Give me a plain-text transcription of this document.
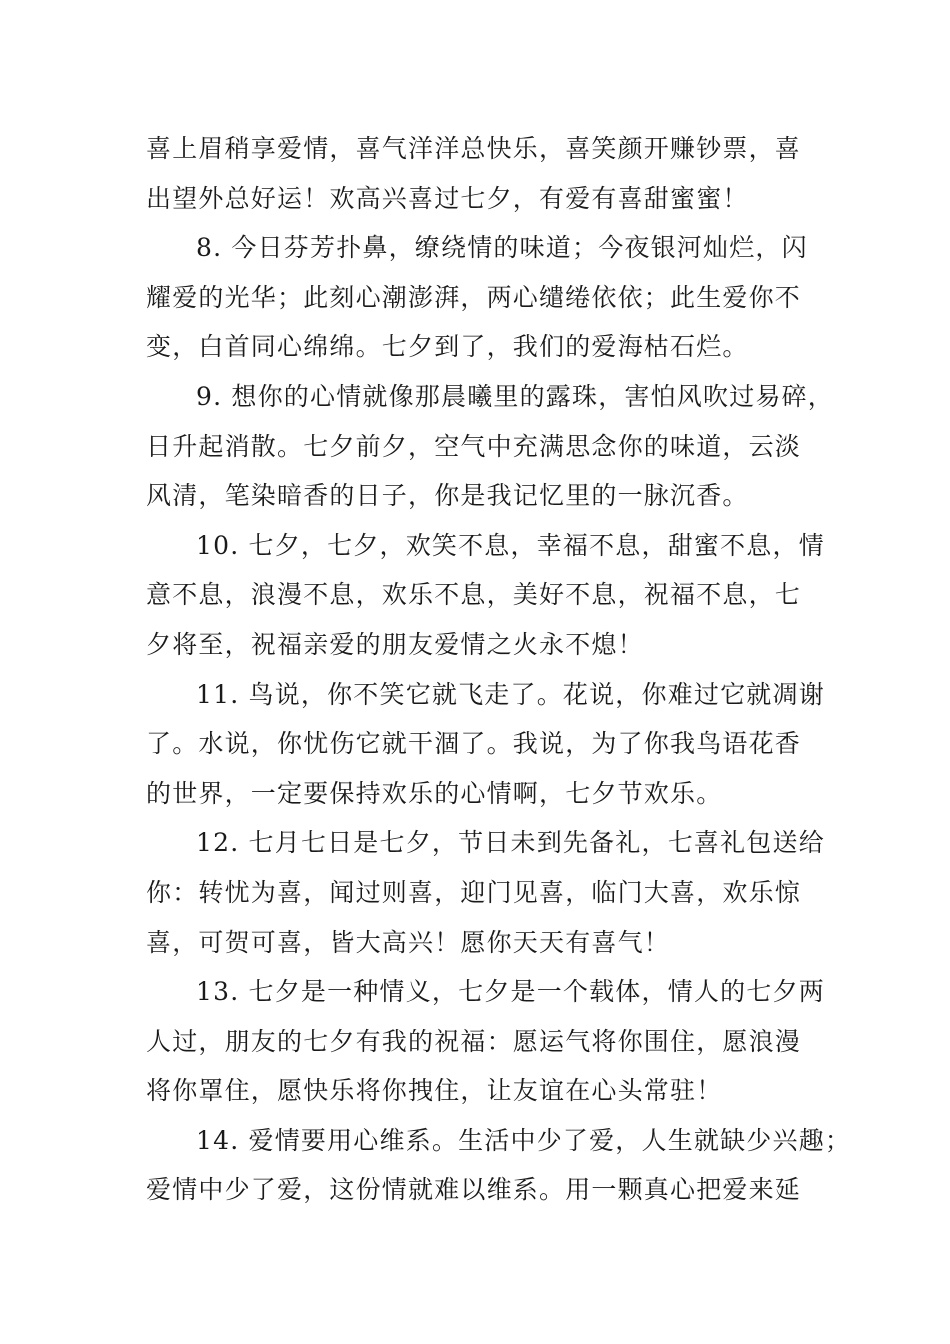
喜上眉稍享爱情，喜气洋洋总快乐，喜笑颜开赚钞票，喜
出望外总好运！欢高兴喜过七夕，有爱有喜甜蜜蜜！

8. 今日芬芳扑鼻，缭绕情的味道；今夜银河灿烂，闪
耀爱的光华；此刻心潮澎湃，两心缱绻依依；此生爱你不
变，白首同心绵绵。七夕到了，我们的爱海枯石烂。

9. 想你的心情就像那晨曦里的露珠，害怕风吹过易碎，
日升起消散。七夕前夕，空气中充满思念你的味道，云淡
风清，笔染暗香的日子，你是我记忆里的一脉沉香。

10. 七夕，七夕，欢笑不息，幸福不息，甜蜜不息，情
意不息，浪漫不息，欢乐不息，美好不息，祝福不息，七
夕将至，祝福亲爱的朋友爱情之火永不熄！

11. 鸟说，你不笑它就飞走了。花说，你难过它就凋谢
了。水说，你忧伤它就干涸了。我说，为了你我鸟语花香
的世界，一定要保持欢乐的心情啊，七夕节欢乐。

12. 七月七日是七夕，节日未到先备礼，七喜礼包送给
你：转忧为喜，闻过则喜，迎门见喜，临门大喜，欢乐惊
喜，可贺可喜，皆大高兴！愿你天天有喜气！

13. 七夕是一种情义，七夕是一个载体，情人的七夕两
人过，朋友的七夕有我的祝福：愿运气将你围住，愿浪漫
将你罩住，愿快乐将你拽住，让友谊在心头常驻！

14. 爱情要用心维系。生活中少了爱，人生就缺少兴趣；
爱情中少了爱，这份情就难以维系。用一颗真心把爱来延
